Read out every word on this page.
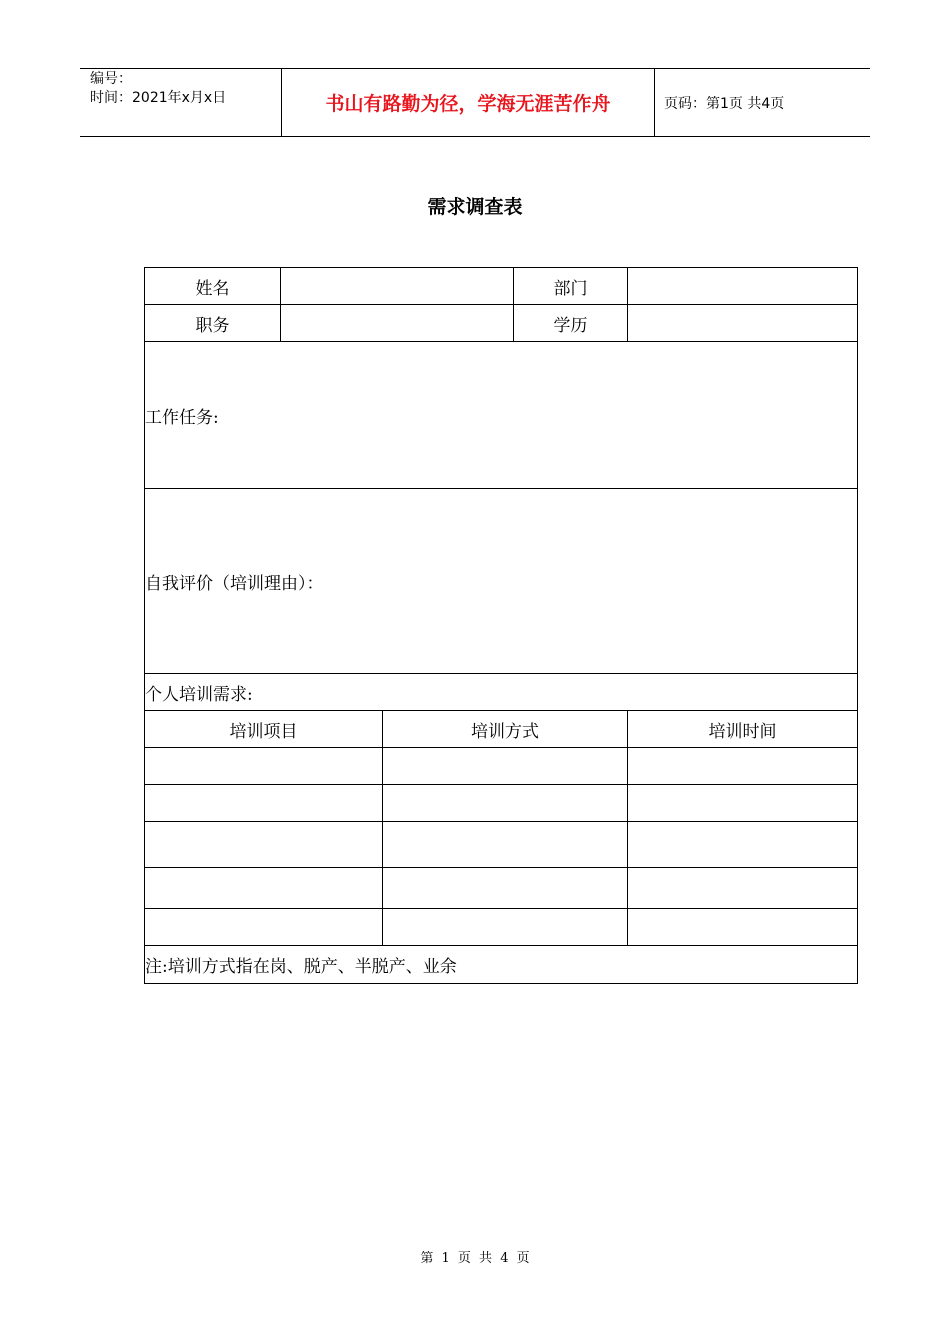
编号：
时间：2021年x月x日	书山有路勤为径，学海无涯苦作舟	页码：第1页 共4页
需求调查表
姓名			部门	
职务			学历	
工作任务:				
自我评价（培训理由）：				
个人培训需求:				
培训项目		培训方式		培训时间

注:培训方式指在岗、脱产、半脱产、业余				
第 1 页 共 4 页
